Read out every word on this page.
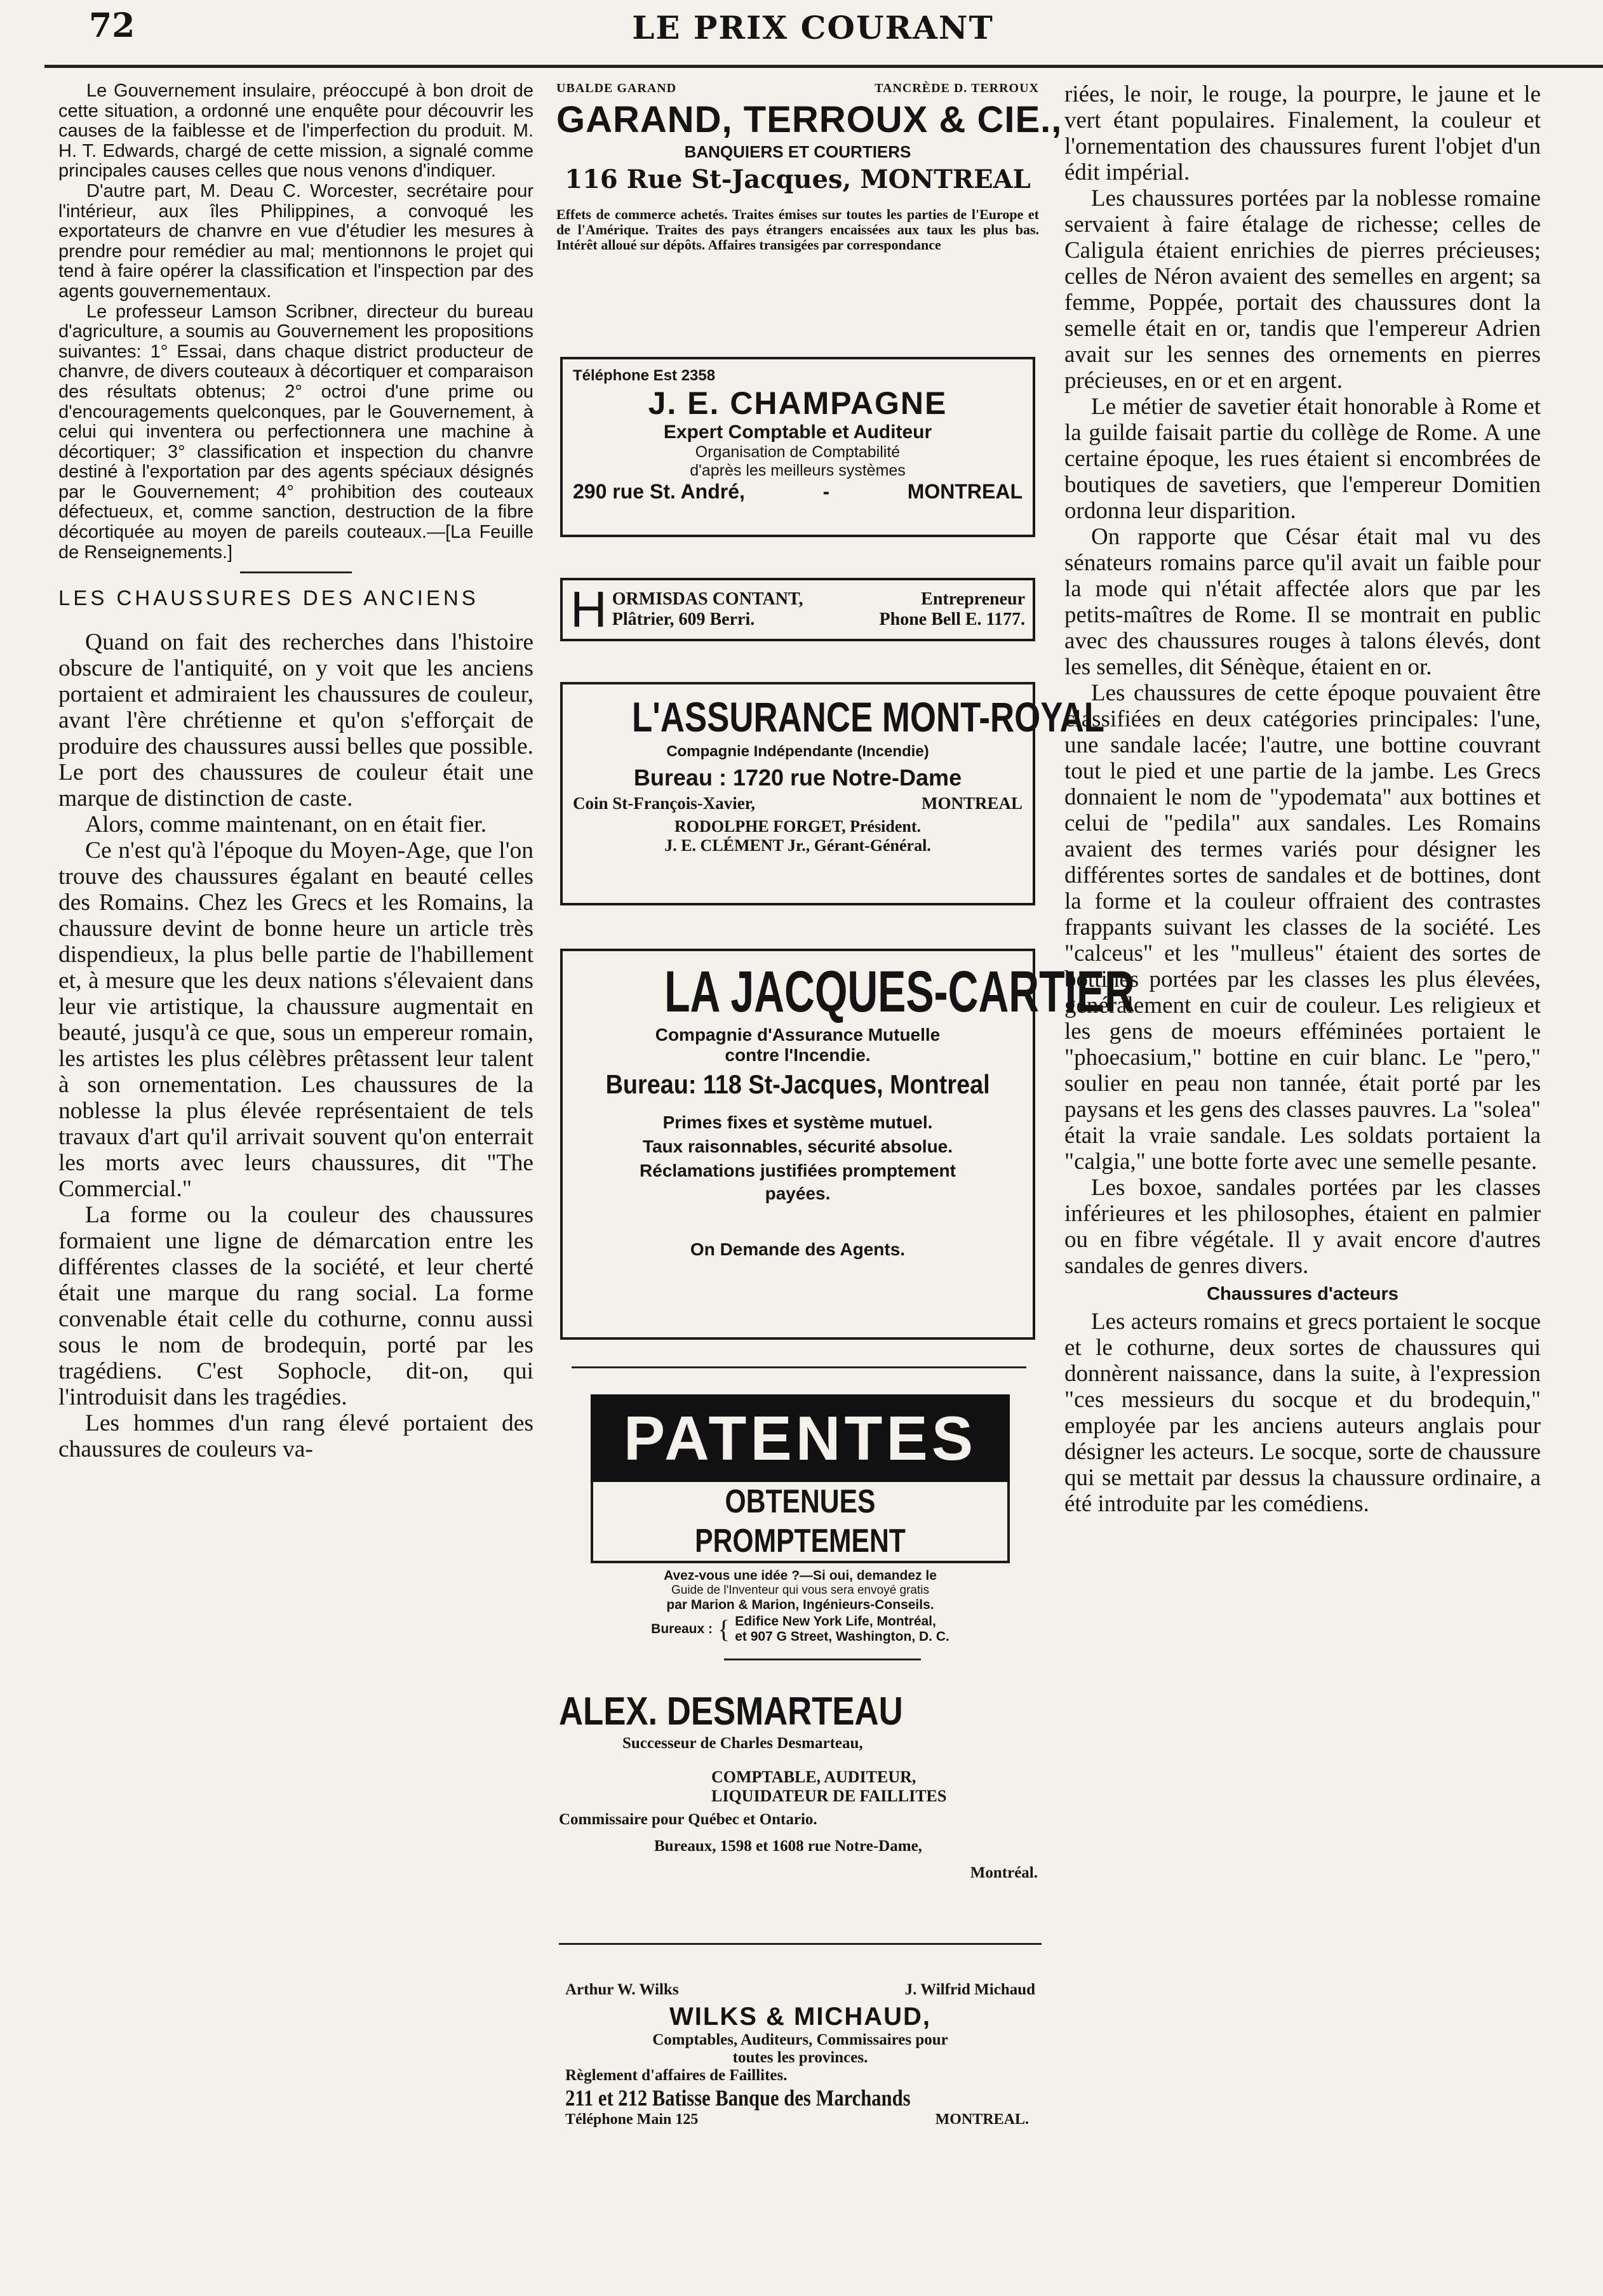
72	LE PRIX COURANT

Le Gouvernement insulaire, préoccupé à bon droit de cette situation, a ordonné une enquête pour découvrir les causes de la faiblesse et de l'imperfection du produit. M. H. T. Edwards, chargé de cette mission, a signalé comme principales causes celles que nous venons d'indiquer.

D'autre part, M. Deau C. Worcester, secrétaire pour l'intérieur, aux îles Philippines, a convoqué les exportateurs de chanvre en vue d'étudier les mesures à prendre pour remédier au mal; mentionnons le projet qui tend à faire opérer la classification et l'inspection par des agents gouvernementaux.

Le professeur Lamson Scribner, directeur du bureau d'agriculture, a soumis au Gouvernement les propositions suivantes: 1° Essai, dans chaque district producteur de chanvre, de divers couteaux à décortiquer et comparaison des résultats obtenus; 2° octroi d'une prime ou d'encouragements quelconques, par le Gouvernement, à celui qui inventera ou perfectionnera une machine à décortiquer; 3° classification et inspection du chanvre destiné à l'exportation par des agents spéciaux désignés par le Gouvernement; 4° prohibition des couteaux défectueux, et, comme sanction, destruction de la fibre décortiquée au moyen de pareils couteaux.—[La Feuille de Renseignements.]

LES CHAUSSURES DES ANCIENS

Quand on fait des recherches dans l'histoire obscure de l'antiquité, on y voit que les anciens portaient et admiraient les chaussures de couleur, avant l'ère chrétienne et qu'on s'efforçait de produire des chaussures aussi belles que possible. Le port des chaussures de couleur était une marque de distinction de caste.

Alors, comme maintenant, on en était fier.

Ce n'est qu'à l'époque du Moyen-Age, que l'on trouve des chaussures égalant en beauté celles des Romains. Chez les Grecs et les Romains, la chaussure devint de bonne heure un article très dispendieux, la plus belle partie de l'habillement et, à mesure que les deux nations s'élevaient dans leur vie artistique, la chaussure augmentait en beauté, jusqu'à ce que, sous un empereur romain, les artistes les plus célèbres prêtassent leur talent à son ornementation. Les chaussures de la noblesse la plus élevée représentaient de tels travaux d'art qu'il arrivait souvent qu'on enterrait les morts avec leurs chaussures, dit "The Commercial."

La forme ou la couleur des chaussures formaient une ligne de démarcation entre les différentes classes de la société, et leur cherté était une marque du rang social. La forme convenable était celle du cothurne, connu aussi sous le nom de brodequin, porté par les tragédiens. C'est Sophocle, dit-on, qui l'introduisit dans les tragédies.

Les hommes d'un rang élevé portaient des chaussures de couleurs va-

UBALDE GARAND	TANCRÈDE D. TERROUX
GARAND, TERROUX & CIE.,
BANQUIERS ET COURTIERS
116 Rue St-Jacques, MONTREAL
Effets de commerce achetés. Traites émises sur toutes les parties de l'Europe et de l'Amérique. Traites des pays étrangers encaissées aux taux les plus bas. Intérêt alloué sur dépôts. Affaires transigées par correspondance
Téléphone Est 2358
J. E. CHAMPAGNE
Expert Comptable et Auditeur
Organisation de Comptabilité
d'après les meilleurs systèmes
290 rue St. André,	-	MONTREAL
H ORMISDAS CONTANT,	Entrepreneur
Plâtrier, 609 Berri.	Phone Bell E. 1177.
L'ASSURANCE MONT-ROYAL
Compagnie Indépendante (Incendie)
Bureau : 1720 rue Notre-Dame
Coin St-François-Xavier,	MONTREAL
RODOLPHE FORGET, Président.
J. E. CLÉMENT Jr., Gérant-Général.
LA JACQUES-CARTIER
Compagnie d'Assurance Mutuelle
contre l'Incendie.
Bureau: 118 St-Jacques, Montreal
Primes fixes et système mutuel.
Taux raisonnables, sécurité absolue.
Réclamations justifiées promptement
payées.
On Demande des Agents.
PATENTES
OBTENUES PROMPTEMENT
Avez-vous une idée ?—Si oui, demandez le
Guide de l'Inventeur qui vous sera envoyé gratis
par Marion & Marion, Ingénieurs-Conseils.
Bureaux : { Edifice New York Life, Montréal,
et 907 G Street, Washington, D. C.
ALEX. DESMARTEAU
Successeur de Charles Desmarteau,
COMPTABLE, AUDITEUR,
LIQUIDATEUR DE FAILLITES
Commissaire pour Québec et Ontario.
Bureaux, 1598 et 1608 rue Notre-Dame,
Montréal.
Arthur W. Wilks	J. Wilfrid Michaud
WILKS & MICHAUD,
Comptables, Auditeurs, Commissaires pour
toutes les provinces.
Règlement d'affaires de Faillites.
211 et 212 Batisse Banque des Marchands
Téléphone Main 125	MONTREAL.

riées, le noir, le rouge, la pourpre, le jaune et le vert étant populaires. Finalement, la couleur et l'ornementation des chaussures furent l'objet d'un édit impérial.

Les chaussures portées par la noblesse romaine servaient à faire étalage de richesse; celles de Caligula étaient enrichies de pierres précieuses; celles de Néron avaient des semelles en argent; sa femme, Poppée, portait des chaussures dont la semelle était en or, tandis que l'empereur Adrien avait sur les sennes des ornements en pierres précieuses, en or et en argent.

Le métier de savetier était honorable à Rome et la guilde faisait partie du collège de Rome. A une certaine époque, les rues étaient si encombrées de boutiques de savetiers, que l'empereur Domitien ordonna leur disparition.

On rapporte que César était mal vu des sénateurs romains parce qu'il avait un faible pour la mode qui n'était affectée alors que par les petits-maîtres de Rome. Il se montrait en public avec des chaussures rouges à talons élevés, dont les semelles, dit Sénèque, étaient en or.

Les chaussures de cette époque pouvaient être classifiées en deux catégories principales: l'une, une sandale lacée; l'autre, une bottine couvrant tout le pied et une partie de la jambe. Les Grecs donnaient le nom de "ypodemata" aux bottines et celui de "pedila" aux sandales. Les Romains avaient des termes variés pour désigner les différentes sortes de sandales et de bottines, dont la forme et la couleur offraient des contrastes frappants suivant les classes de la société. Les "calceus" et les "mulleus" étaient des sortes de bottines portées par les classes les plus élevées, généralement en cuir de couleur. Les religieux et les gens de moeurs efféminées portaient le "phoecasium," bottine en cuir blanc. Le "pero," soulier en peau non tannée, était porté par les paysans et les gens des classes pauvres. La "solea" était la vraie sandale. Les soldats portaient la "calgia," une botte forte avec une semelle pesante.

Les boxoe, sandales portées par les classes inférieures et les philosophes, étaient en palmier ou en fibre végétale. Il y avait encore d'autres sandales de genres divers.

Chaussures d'acteurs

Les acteurs romains et grecs portaient le socque et le cothurne, deux sortes de chaussures qui donnèrent naissance, dans la suite, à l'expression "ces messieurs du socque et du brodequin," employée par les anciens auteurs anglais pour désigner les acteurs. Le socque, sorte de chaussure qui se mettait par dessus la chaussure ordinaire, a été introduite par les comédiens.
